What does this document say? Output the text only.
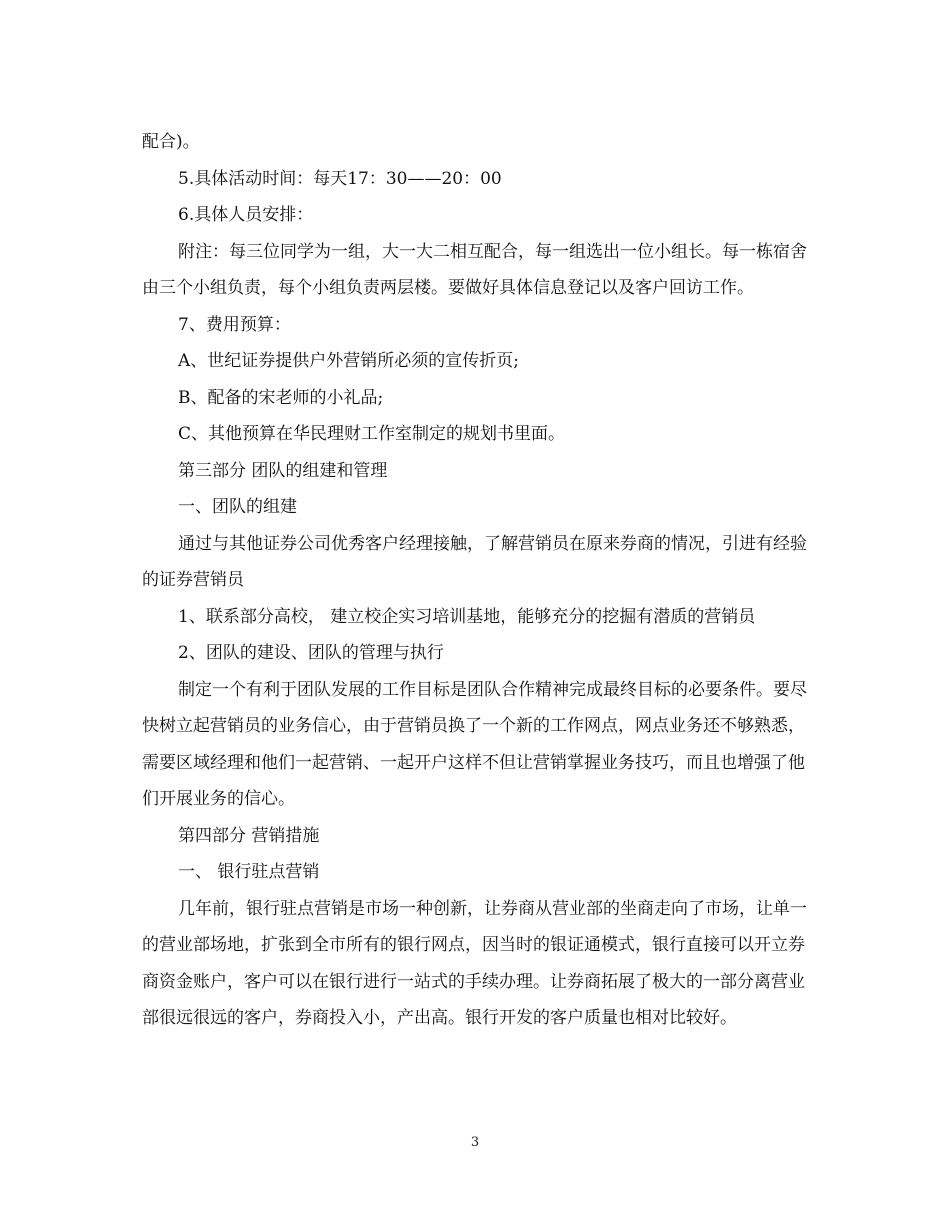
配合)。

5.具体活动时间：每天17：30——20：00

6.具体人员安排：

附注：每三位同学为一组，大一大二相互配合，每一组选出一位小组长。每一栋宿舍由三个小组负责，每个小组负责两层楼。要做好具体信息登记以及客户回访工作。

7、费用预算：

A、世纪证券提供户外营销所必须的宣传折页;

B、配备的宋老师的小礼品;

C、其他预算在华民理财工作室制定的规划书里面。

第三部分 团队的组建和管理

一、团队的组建

通过与其他证券公司优秀客户经理接触，了解营销员在原来券商的情况，引进有经验的证券营销员

1、联系部分高校， 建立校企实习培训基地，能够充分的挖掘有潜质的营销员

2、团队的建设、团队的管理与执行

制定一个有利于团队发展的工作目标是团队合作精神完成最终目标的必要条件。要尽快树立起营销员的业务信心，由于营销员换了一个新的工作网点，网点业务还不够熟悉，需要区域经理和他们一起营销、一起开户这样不但让营销掌握业务技巧，而且也增强了他们开展业务的信心。

第四部分 营销措施

一、 银行驻点营销

几年前，银行驻点营销是市场一种创新，让券商从营业部的坐商走向了市场，让单一的营业部场地，扩张到全市所有的银行网点，因当时的银证通模式，银行直接可以开立券商资金账户，客户可以在银行进行一站式的手续办理。让券商拓展了极大的一部分离营业部很远很远的客户，券商投入小，产出高。银行开发的客户质量也相对比较好。

3
